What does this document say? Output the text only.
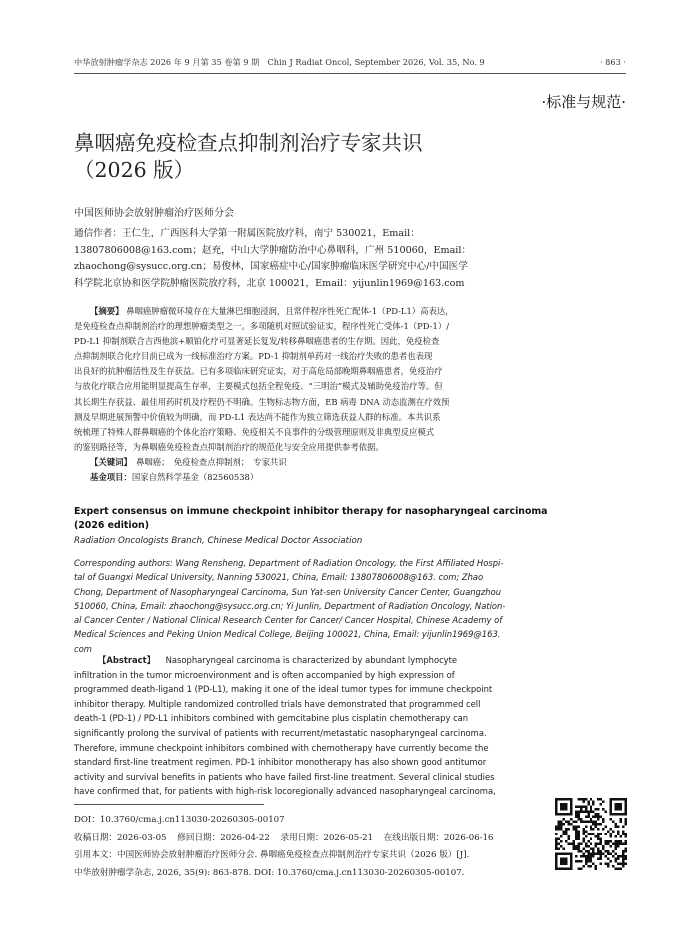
中华放射肿瘤学杂志 2026 年 9 月第 35 卷第 9 期　Chin J Radiat Oncol, September 2026, Vol. 35, No. 9	· 863 ·
·标准与规范·
鼻咽癌免疫检查点抑制剂治疗专家共识
（2026 版）
中国医师协会放射肿瘤治疗医师分会
通信作者：王仁生，广西医科大学第一附属医院放疗科，南宁 530021，Email：
13807806008@163.com；赵充，中山大学肿瘤防治中心鼻咽科，广州 510060，Email：
zhaochong@sysucc.org.cn；易俊林，国家癌症中心/国家肿瘤临床医学研究中心/中国医学
科学院北京协和医学院肿瘤医院放疗科，北京 100021，Email：yijunlin1969@163.com
【摘要】 鼻咽癌肿瘤微环境存在大量淋巴细胞浸润，且常伴程序性死亡配体-1（PD-L1）高表达，
是免疫检查点抑制剂治疗的理想肿瘤类型之一。多项随机对照试验证实，程序性死亡受体-1（PD-1）/
PD-L1 抑制剂联合吉西他滨+顺铂化疗可显著延长复发/转移鼻咽癌患者的生存期。因此，免疫检查
点抑制剂联合化疗目前已成为一线标准治疗方案。PD-1 抑制剂单药对一线治疗失败的患者也表现
出良好的抗肿瘤活性及生存获益。已有多项临床研究证实，对于高危局部晚期鼻咽癌患者，免疫治疗
与放化疗联合应用能明显提高生存率，主要模式包括全程免疫、“三明治”模式及辅助免疫治疗等。但
其长期生存获益、最佳用药时机及疗程仍不明确。生物标志物方面，EB 病毒 DNA 动态监测在疗效预
测及早期进展预警中价值较为明确，而 PD-L1 表达尚不能作为独立筛选获益人群的标准。本共识系
统梳理了特殊人群鼻咽癌的个体化治疗策略、免疫相关不良事件的分级管理原则及非典型反应模式
的鉴别路径等，为鼻咽癌免疫检查点抑制剂治疗的规范化与安全应用提供参考依据。
【关键词】　 鼻咽癌；　免疫检查点抑制剂；　专家共识
基金项目：国家自然科学基金（82560538）
Expert consensus on immune checkpoint inhibitor therapy for nasopharyngeal carcinoma
(2026 edition)
Radiation Oncologists Branch, Chinese Medical Doctor Association
Corresponding authors: Wang Rensheng, Department of Radiation Oncology, the First Affiliated Hospi-
tal of Guangxi Medical University, Nanning 530021, China, Email: 13807806008@163. com; Zhao
Chong, Department of Nasopharyngeal Carcinoma, Sun Yat-sen University Cancer Center, Guangzhou
510060, China, Email: zhaochong@sysucc.org.cn; Yi Junlin, Department of Radiation Oncology, Nation-
al Cancer Center / National Clinical Research Center for Cancer/ Cancer Hospital, Chinese Academy of
Medical Sciences and Peking Union Medical College, Beijing 100021, China, Email: yijunlin1969@163.
com
【Abstract】 Nasopharyngeal carcinoma is characterized by abundant lymphocyte
infiltration in the tumor microenvironment and is often accompanied by high expression of
programmed death-ligand 1 (PD-L1), making it one of the ideal tumor types for immune checkpoint
inhibitor therapy. Multiple randomized controlled trials have demonstrated that programmed cell
death-1 (PD-1) / PD-L1 inhibitors combined with gemcitabine plus cisplatin chemotherapy can
significantly prolong the survival of patients with recurrent/metastatic nasopharyngeal carcinoma.
Therefore, immune checkpoint inhibitors combined with chemotherapy have currently become the
standard first-line treatment regimen. PD-1 inhibitor monotherapy has also shown good antitumor
activity and survival benefits in patients who have failed first-line treatment. Several clinical studies
have confirmed that, for patients with high-risk locoregionally advanced nasopharyngeal carcinoma,
DOI：10.3760/cma.j.cn113030-20260305-00107
收稿日期：2026-03-05 修回日期：2026-04-22 录用日期：2026-05-21 在线出版日期：2026-06-16
引用本文：中国医师协会放射肿瘤治疗医师分会. 鼻咽癌免疫检查点抑制剂治疗专家共识（2026 版）[J].
中华放射肿瘤学杂志, 2026, 35(9): 863-878. DOI: 10.3760/cma.j.cn113030-20260305-00107.
